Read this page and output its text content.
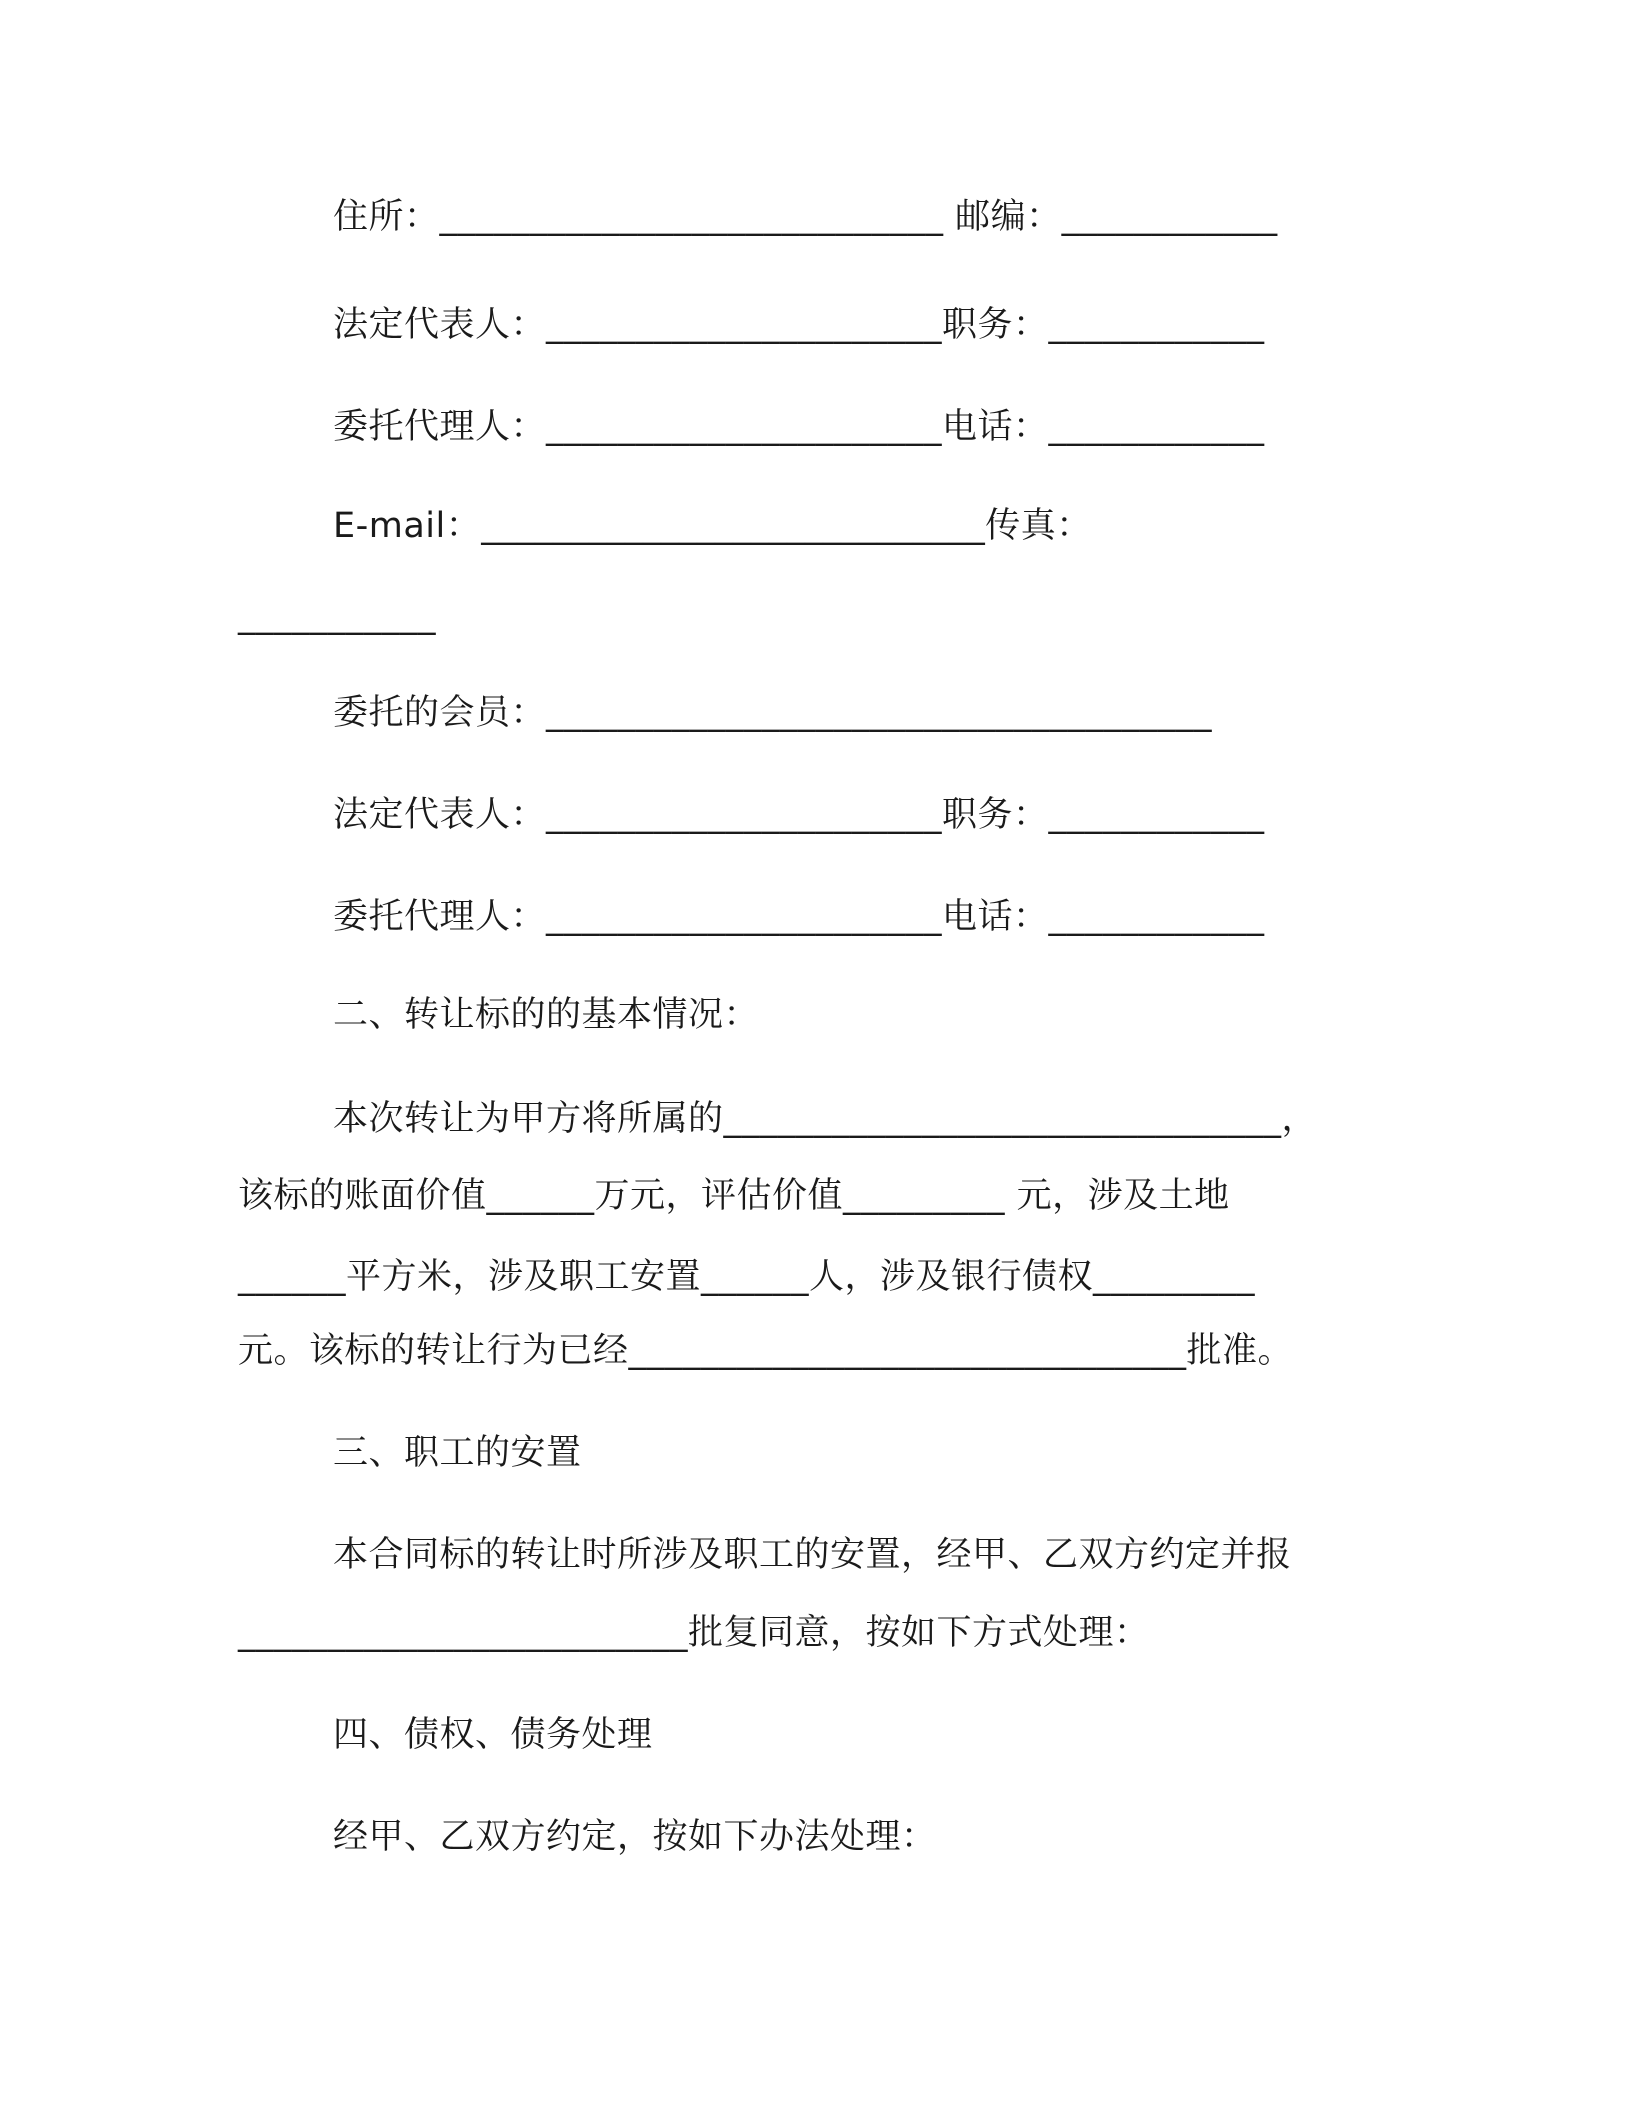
住所：____________________________ 邮编：____________
法定代表人：______________________职务：____________
委托代理人：______________________电话：____________
E-mail：____________________________传真：
___________
委托的会员：_____________________________________
法定代表人：______________________职务：____________
委托代理人：______________________电话：____________
二、转让标的的基本情况：
本次转让为甲方将所属的_______________________________，
该标的账面价值______万元，评估价值_________ 元，涉及土地
______平方米，涉及职工安置______人，涉及银行债权_________
元。该标的转让行为已经_______________________________批准。
三、职工的安置
本合同标的转让时所涉及职工的安置，经甲、乙双方约定并报
_________________________批复同意，按如下方式处理：
四、债权、债务处理
经甲、乙双方约定，按如下办法处理：
